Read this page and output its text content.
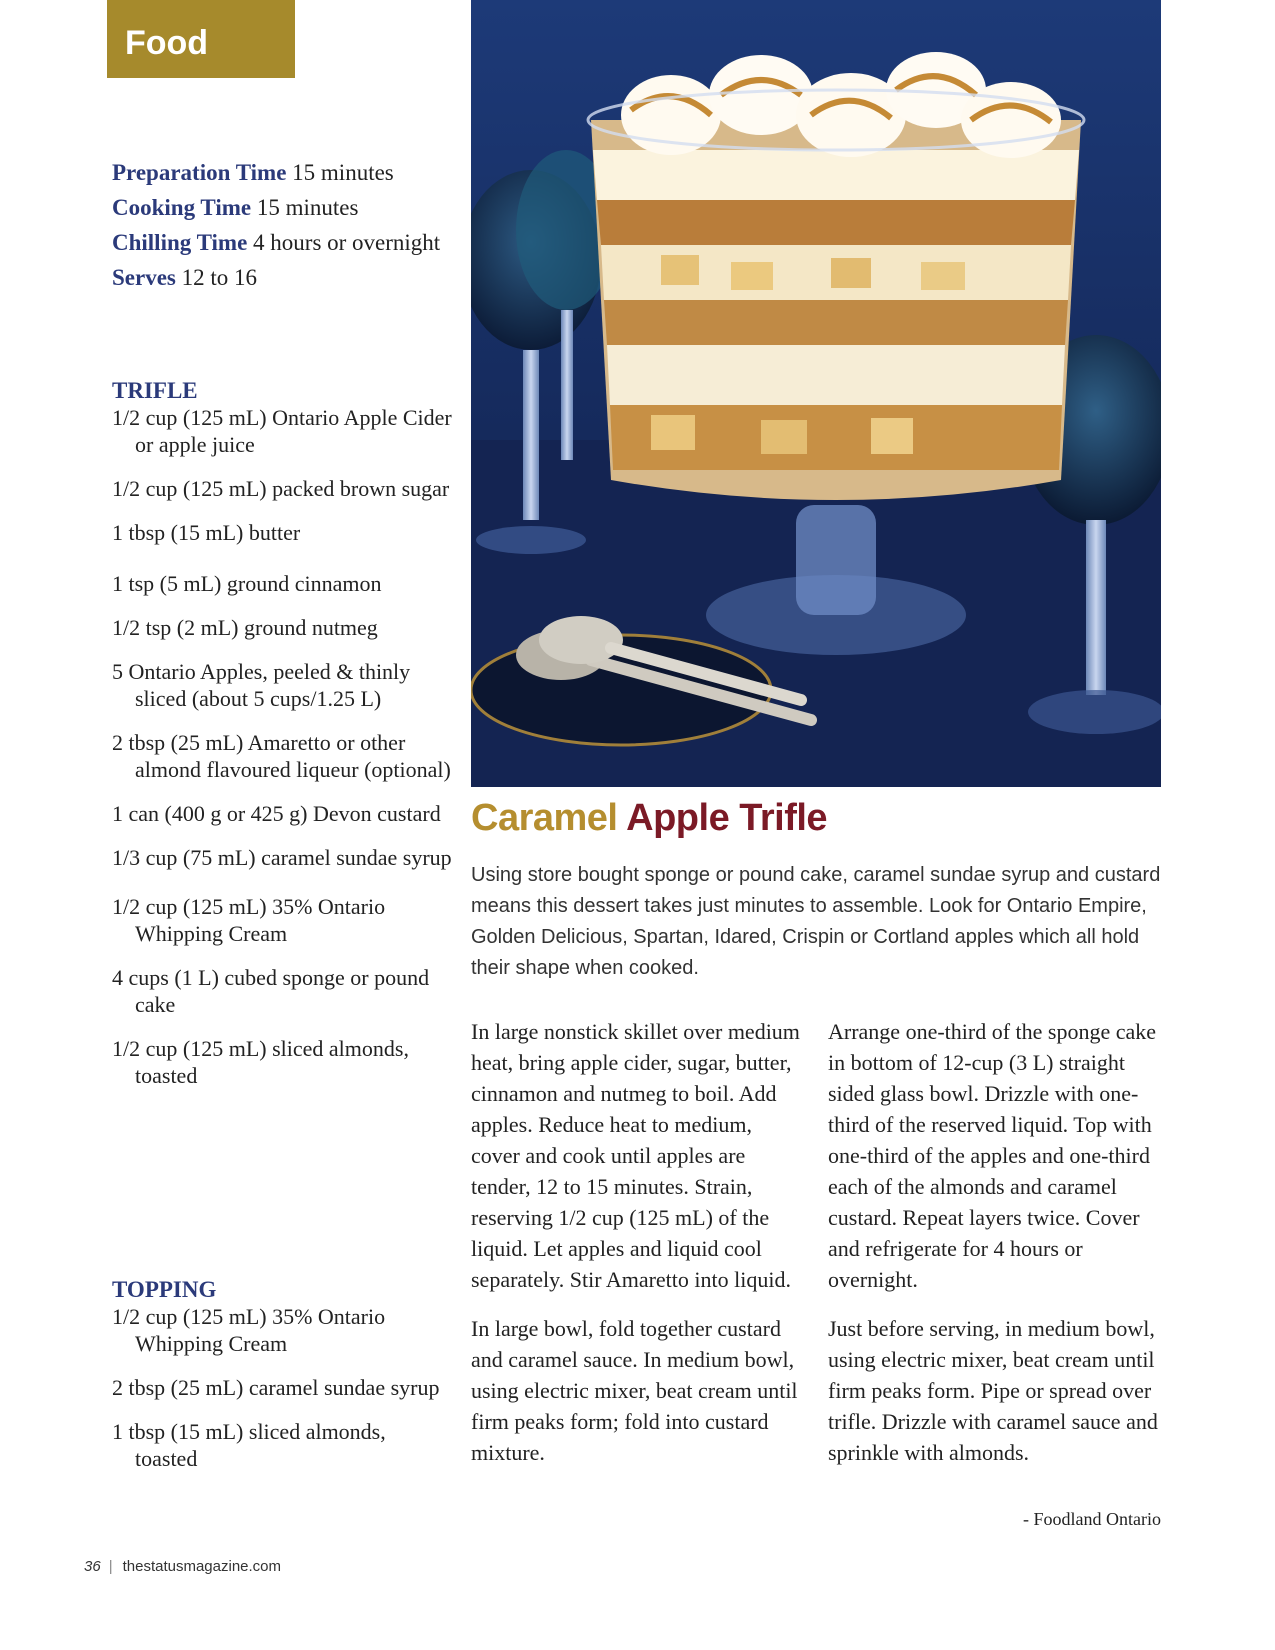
Food
Preparation Time 15 minutes
Cooking Time 15 minutes
Chilling Time 4 hours or overnight
Serves 12 to 16
TRIFLE
1/2 cup (125 mL) Ontario Apple Cider or apple juice
1/2 cup (125 mL) packed brown sugar
1 tbsp (15 mL) butter
1 tsp (5 mL) ground cinnamon
1/2 tsp (2 mL) ground nutmeg
5 Ontario Apples, peeled & thinly sliced (about 5 cups/1.25 L)
2 tbsp (25 mL) Amaretto or other almond flavoured liqueur (optional)
1 can (400 g or 425 g) Devon custard
1/3 cup (75 mL) caramel sundae syrup
1/2 cup (125 mL) 35% Ontario Whipping Cream
4 cups (1 L) cubed sponge or pound cake
1/2 cup (125 mL) sliced almonds, toasted
TOPPING
1/2 cup (125 mL) 35% Ontario Whipping Cream
2 tbsp (25 mL) caramel sundae syrup
1 tbsp (15 mL) sliced almonds, toasted
Caramel Apple Trifle
Using store bought sponge or pound cake, caramel sundae syrup and custard means this dessert takes just minutes to assemble. Look for Ontario Empire, Golden Delicious, Spartan, Idared, Crispin or Cortland apples which all hold their shape when cooked.

In large nonstick skillet over medium heat, bring apple cider, sugar, butter, cinnamon and nutmeg to boil. Add apples. Reduce heat to medium, cover and cook until apples are tender, 12 to 15 minutes. Strain, reserving 1/2 cup (125 mL) of the liquid. Let apples and liquid cool separately. Stir Amaretto into liquid.

In large bowl, fold together custard and caramel sauce. In medium bowl, using electric mixer, beat cream until firm peaks form; fold into custard mixture.

Arrange one-third of the sponge cake in bottom of 12-cup (3 L) straight sided glass bowl. Drizzle with one-third of the reserved liquid. Top with one-third of the apples and one-third each of the almonds and caramel custard. Repeat layers twice. Cover and refrigerate for 4 hours or overnight.

Just before serving, in medium bowl, using electric mixer, beat cream until firm peaks form. Pipe or spread over trifle. Drizzle with caramel sauce and sprinkle with almonds.

- Foodland Ontario
36 | thestatusmagazine.com
